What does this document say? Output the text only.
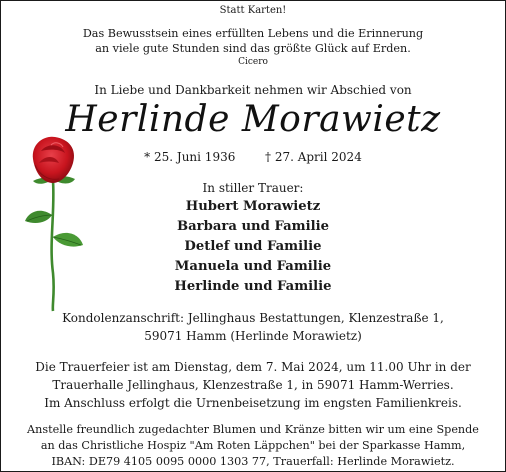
Statt Karten!
Das Bewusstsein eines erfüllten Lebens und die Erinnerung
an viele gute Stunden sind das größte Glück auf Erden.
Cicero
In Liebe und Dankbarkeit nehmen wir Abschied von
Herlinde Morawietz
* 25. Juni 1936 † 27. April 2024
In stiller Trauer:
Hubert Morawietz
Barbara und Familie
Detlef und Familie
Manuela und Familie
Herlinde und Familie
Kondolenzanschrift: Jellinghaus Bestattungen, Klenzestraße 1,
59071 Hamm (Herlinde Morawietz)
Die Trauerfeier ist am Dienstag, dem 7. Mai 2024, um 11.00 Uhr in der
Trauerhalle Jellinghaus, Klenzestraße 1, in 59071 Hamm-Werries.
Im Anschluss erfolgt die Urnenbeisetzung im engsten Familienkreis.
Anstelle freundlich zugedachter Blumen und Kränze bitten wir um eine Spende
an das Christliche Hospiz "Am Roten Läppchen" bei der Sparkasse Hamm,
IBAN: DE79 4105 0095 0000 1303 77, Trauerfall: Herlinde Morawietz.
